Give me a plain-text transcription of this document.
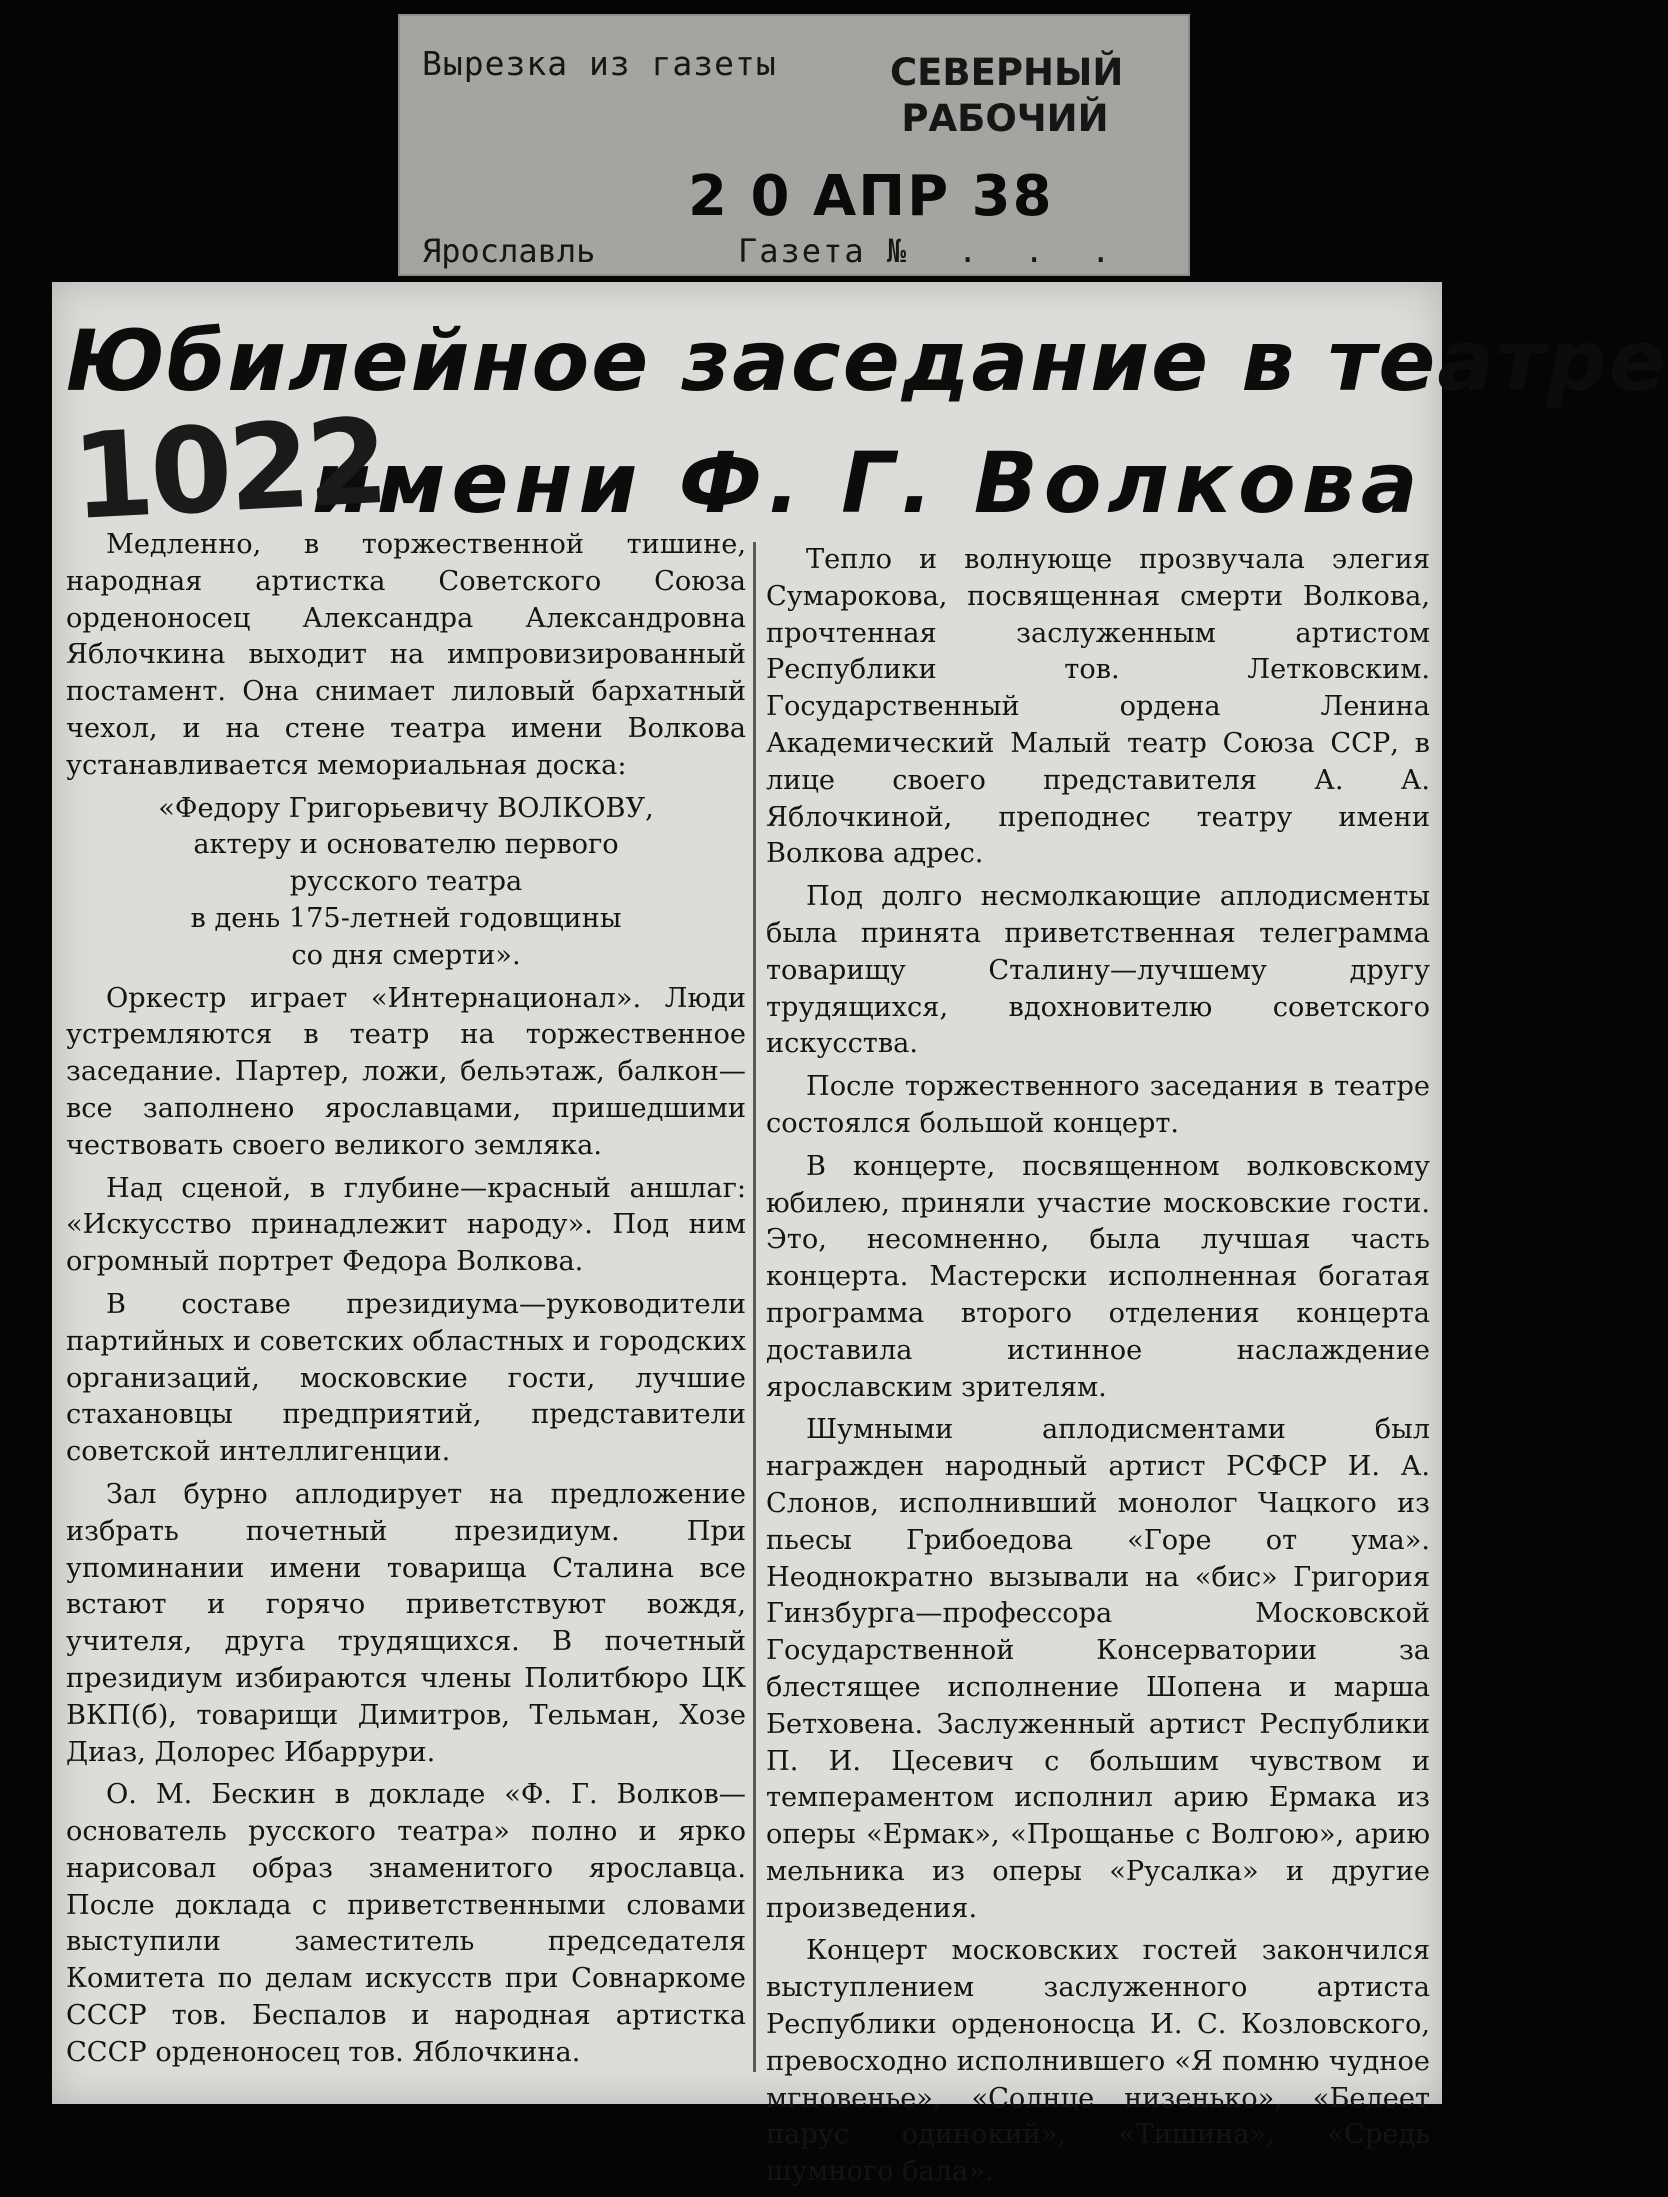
Вырезка из газеты	СЕВЕРНЫЙ
РАБОЧИЙ
2 0 АПР 38
Ярославль	Газета № . . .
Юбилейное заседание в театре
имени Ф. Г. Волкова
1022

Медленно, в торжественной тишине, народная артистка Советского Союза орденоносец Александра Александровна Яблочкина выходит на импровизированный постамент. Она снимает лиловый бархатный чехол, и на стене театра имени Волкова устанавливается мемориальная доска:

«Федору Григорьевичу ВОЛКОВУ,
актеру и основателю первого
русского театра
в день 175-летней годовщины
со дня смерти».

Оркестр играет «Интернационал». Люди устремляются в театр на торжественное заседание. Партер, ложи, бельэтаж, балкон—все заполнено ярославцами, пришедшими чествовать своего великого земляка.

Над сценой, в глубине—красный аншлаг: «Искусство принадлежит народу». Под ним огромный портрет Федора Волкова.

В составе президиума—руководители партийных и советских областных и городских организаций, московские гости, лучшие стахановцы предприятий, представители советской интеллигенции.

Зал бурно аплодирует на предложение избрать почетный президиум. При упоминании имени товарища Сталина все встают и горячо приветствуют вождя, учителя, друга трудящихся. В почетный президиум избираются члены Политбюро ЦК ВКП(б), товарищи Димитров, Тельман, Хозе Диаз, Долорес Ибаррури.

О. М. Бескин в докладе «Ф. Г. Волков—основатель русского театра» полно и ярко нарисовал образ знаменитого ярославца. После доклада с приветственными словами выступили заместитель председателя Комитета по делам искусств при Совнаркоме СССР тов. Беспалов и народная артистка СССР орденоносец тов. Яблочкина.

Тепло и волнующе прозвучала элегия Сумарокова, посвященная смерти Волкова, прочтенная заслуженным артистом Республики тов. Летковским. Государственный ордена Ленина Академический Малый театр Союза ССР, в лице своего представителя А. А. Яблочкиной, преподнес театру имени Волкова адрес.

Под долго несмолкающие аплодисменты была принята приветственная телеграмма товарищу Сталину—лучшему другу трудящихся, вдохновителю советского искусства.

После торжественного заседания в театре состоялся большой концерт.

В концерте, посвященном волковскому юбилею, приняли участие московские гости. Это, несомненно, была лучшая часть концерта. Мастерски исполненная богатая программа второго отделения концерта доставила истинное наслаждение ярославским зрителям.

Шумными аплодисментами был награжден народный артист РСФСР И. А. Слонов, исполнивший монолог Чацкого из пьесы Грибоедова «Горе от ума». Неоднократно вызывали на «бис» Григория Гинзбурга—профессора Московской Государственной Консерватории за блестящее исполнение Шопена и марша Бетховена. Заслуженный артист Республики П. И. Цесевич с большим чувством и темпераментом исполнил арию Ермака из оперы «Ермак», «Прощанье с Волгою», арию мельника из оперы «Русалка» и другие произведения.

Концерт московских гостей закончился выступлением заслуженного артиста Республики орденоносца И. С. Козловского, превосходно исполнившего «Я помню чудное мгновенье», «Солнце низенько», «Белеет парус одинокий», «Тишина», «Средь шумного бала».
